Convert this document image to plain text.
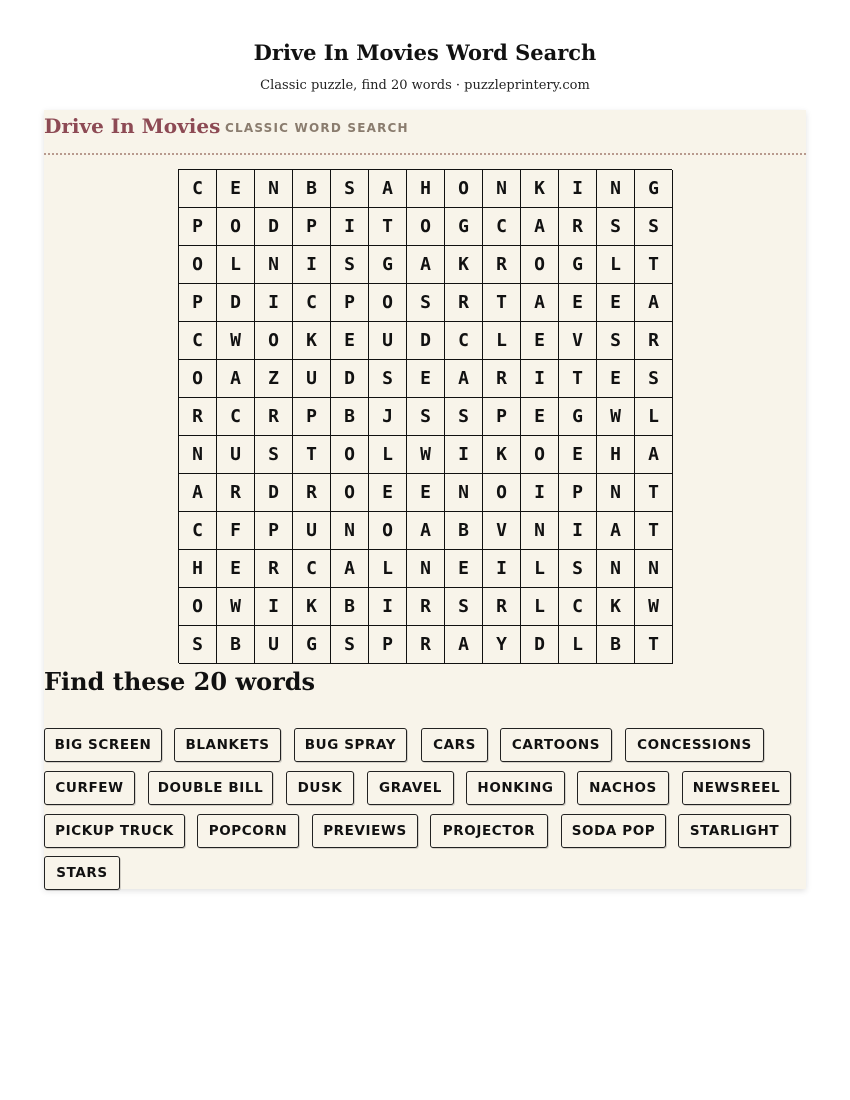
Drive In Movies Word Search
Classic puzzle, find 20 words · puzzleprintery.com
Drive In Movies CLASSIC WORD SEARCH
C	E	N	B	S	A	H	O	N	K	I	N	G
P	O	D	P	I	T	O	G	C	A	R	S	S
O	L	N	I	S	G	A	K	R	O	G	L	T
P	D	I	C	P	O	S	R	T	A	E	E	A
C	W	O	K	E	U	D	C	L	E	V	S	R
O	A	Z	U	D	S	E	A	R	I	T	E	S
R	C	R	P	B	J	S	S	P	E	G	W	L
N	U	S	T	O	L	W	I	K	O	E	H	A
A	R	D	R	O	E	E	N	O	I	P	N	T
C	F	P	U	N	O	A	B	V	N	I	A	T
H	E	R	C	A	L	N	E	I	L	S	N	N
O	W	I	K	B	I	R	S	R	L	C	K	W
S	B	U	G	S	P	R	A	Y	D	L	B	T
Find these 20 words
BIG SCREEN	BLANKETS	BUG SPRAY	CARS	CARTOONS	CONCESSIONS
CURFEW	DOUBLE BILL	DUSK	GRAVEL	HONKING	NACHOS	NEWSREEL
PICKUP TRUCK	POPCORN	PREVIEWS	PROJECTOR	SODA POP	STARLIGHT
STARS
